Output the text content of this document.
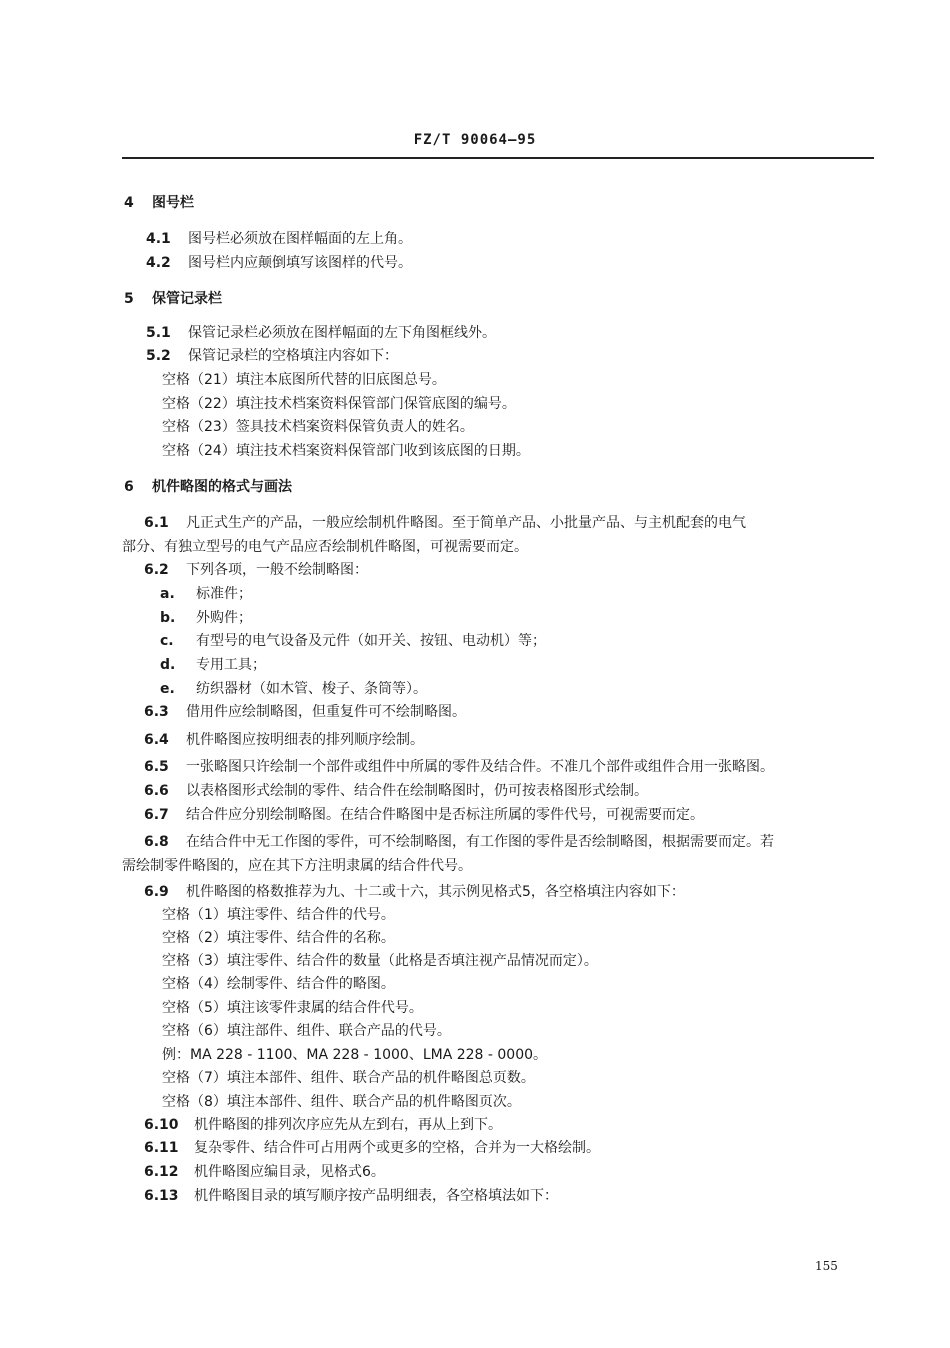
FZ/T 90064—95
4 图号栏
4.1 图号栏必须放在图样幅面的左上角。
4.2 图号栏内应颠倒填写该图样的代号。
5 保管记录栏
5.1 保管记录栏必须放在图样幅面的左下角图框线外。
5.2 保管记录栏的空格填注内容如下：
空格（21）填注本底图所代替的旧底图总号。
空格（22）填注技术档案资料保管部门保管底图的编号。
空格（23）签具技术档案资料保管负责人的姓名。
空格（24）填注技术档案资料保管部门收到该底图的日期。
6 机件略图的格式与画法
6.1 凡正式生产的产品，一般应绘制机件略图。至于简单产品、小批量产品、与主机配套的电气
部分、有独立型号的电气产品应否绘制机件略图，可视需要而定。
6.2 下列各项，一般不绘制略图：
a. 标准件；
b. 外购件；
c. 有型号的电气设备及元件（如开关、按钮、电动机）等；
d. 专用工具；
e. 纺织器材（如木管、梭子、条筒等）。
6.3 借用件应绘制略图，但重复件可不绘制略图。
6.4 机件略图应按明细表的排列顺序绘制。
6.5 一张略图只许绘制一个部件或组件中所属的零件及结合件。不准几个部件或组件合用一张略图。
6.6 以表格图形式绘制的零件、结合件在绘制略图时，仍可按表格图形式绘制。
6.7 结合件应分别绘制略图。在结合件略图中是否标注所属的零件代号，可视需要而定。
6.8 在结合件中无工作图的零件，可不绘制略图，有工作图的零件是否绘制略图，根据需要而定。若
需绘制零件略图的，应在其下方注明隶属的结合件代号。
6.9 机件略图的格数推荐为九、十二或十六，其示例见格式5，各空格填注内容如下：
空格（1）填注零件、结合件的代号。
空格（2）填注零件、结合件的名称。
空格（3）填注零件、结合件的数量（此格是否填注视产品情况而定）。
空格（4）绘制零件、结合件的略图。
空格（5）填注该零件隶属的结合件代号。
空格（6）填注部件、组件、联合产品的代号。
例：MA 228 - 1100、MA 228 - 1000、LMA 228 - 0000。
空格（7）填注本部件、组件、联合产品的机件略图总页数。
空格（8）填注本部件、组件、联合产品的机件略图页次。
6.10 机件略图的排列次序应先从左到右，再从上到下。
6.11 复杂零件、结合件可占用两个或更多的空格，合并为一大格绘制。
6.12 机件略图应编目录，见格式6。
6.13 机件略图目录的填写顺序按产品明细表，各空格填法如下：
155
